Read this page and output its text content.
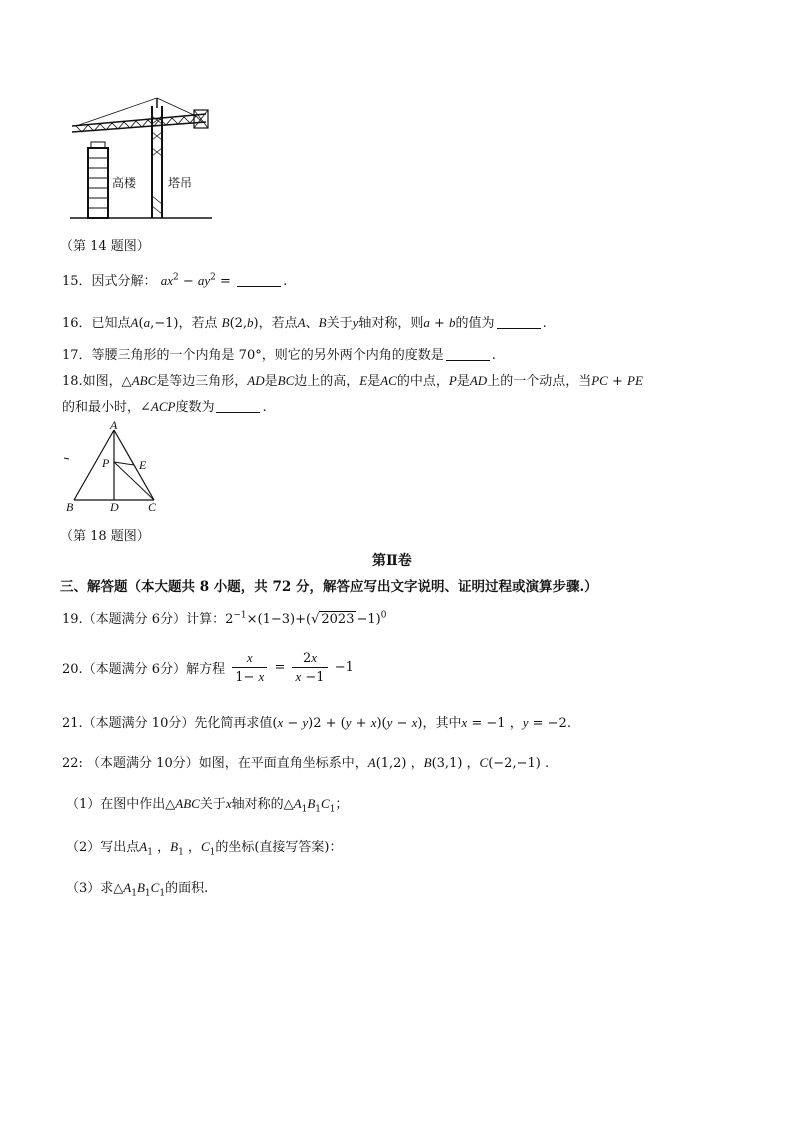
高楼	塔吊
（第 14 题图）
15．因式分解： $ax^2 - ay^2$ =	.
16．已知点A(a,−1)，若点 B(2,b)，若点A、B关于y轴对称，则a + b的值为	.
17．等腰三角形的一个内角是 70°，则它的另外两个内角的度数是	.
18.如图，△ABC是等边三角形，AD是BC边上的高，E是AC的中点，P是AD上的一个动点，当PC + PE
的和最小时，∠ACP度数为	.
A
P E
B	D C
（第 18 题图）
第Ⅱ卷
三、解答题（本大题共 8 小题，共 72 分，解答应写出文字说明、证明过程或演算步骤.）
19.（本题满分 6分）计算：$2^{-1}\times(1-3)+(√$ 2023 −1)$^0$
20.（本题满分 6分）解方程 $\frac{x}{1- x} = \frac{2x}{x -1} -1$
21.（本题满分 10分）先化简再求值(x − y)2 + (y + x)(y − x)，其中x = −1 ，y = −2.
22: （本题满分 10分）如图，在平面直角坐标系中，A(1,2) ，B(3,1) ，C(−2,−1) .
（1）在图中作出△ABC关于x轴对称的$\triangle A_1B_1C_1$；
（2）写出点$A_1$ ，$B_1$ ，$C_1$的坐标(直接写答案)：
（3）求$\triangle A_1B_1C_1$的面积.
